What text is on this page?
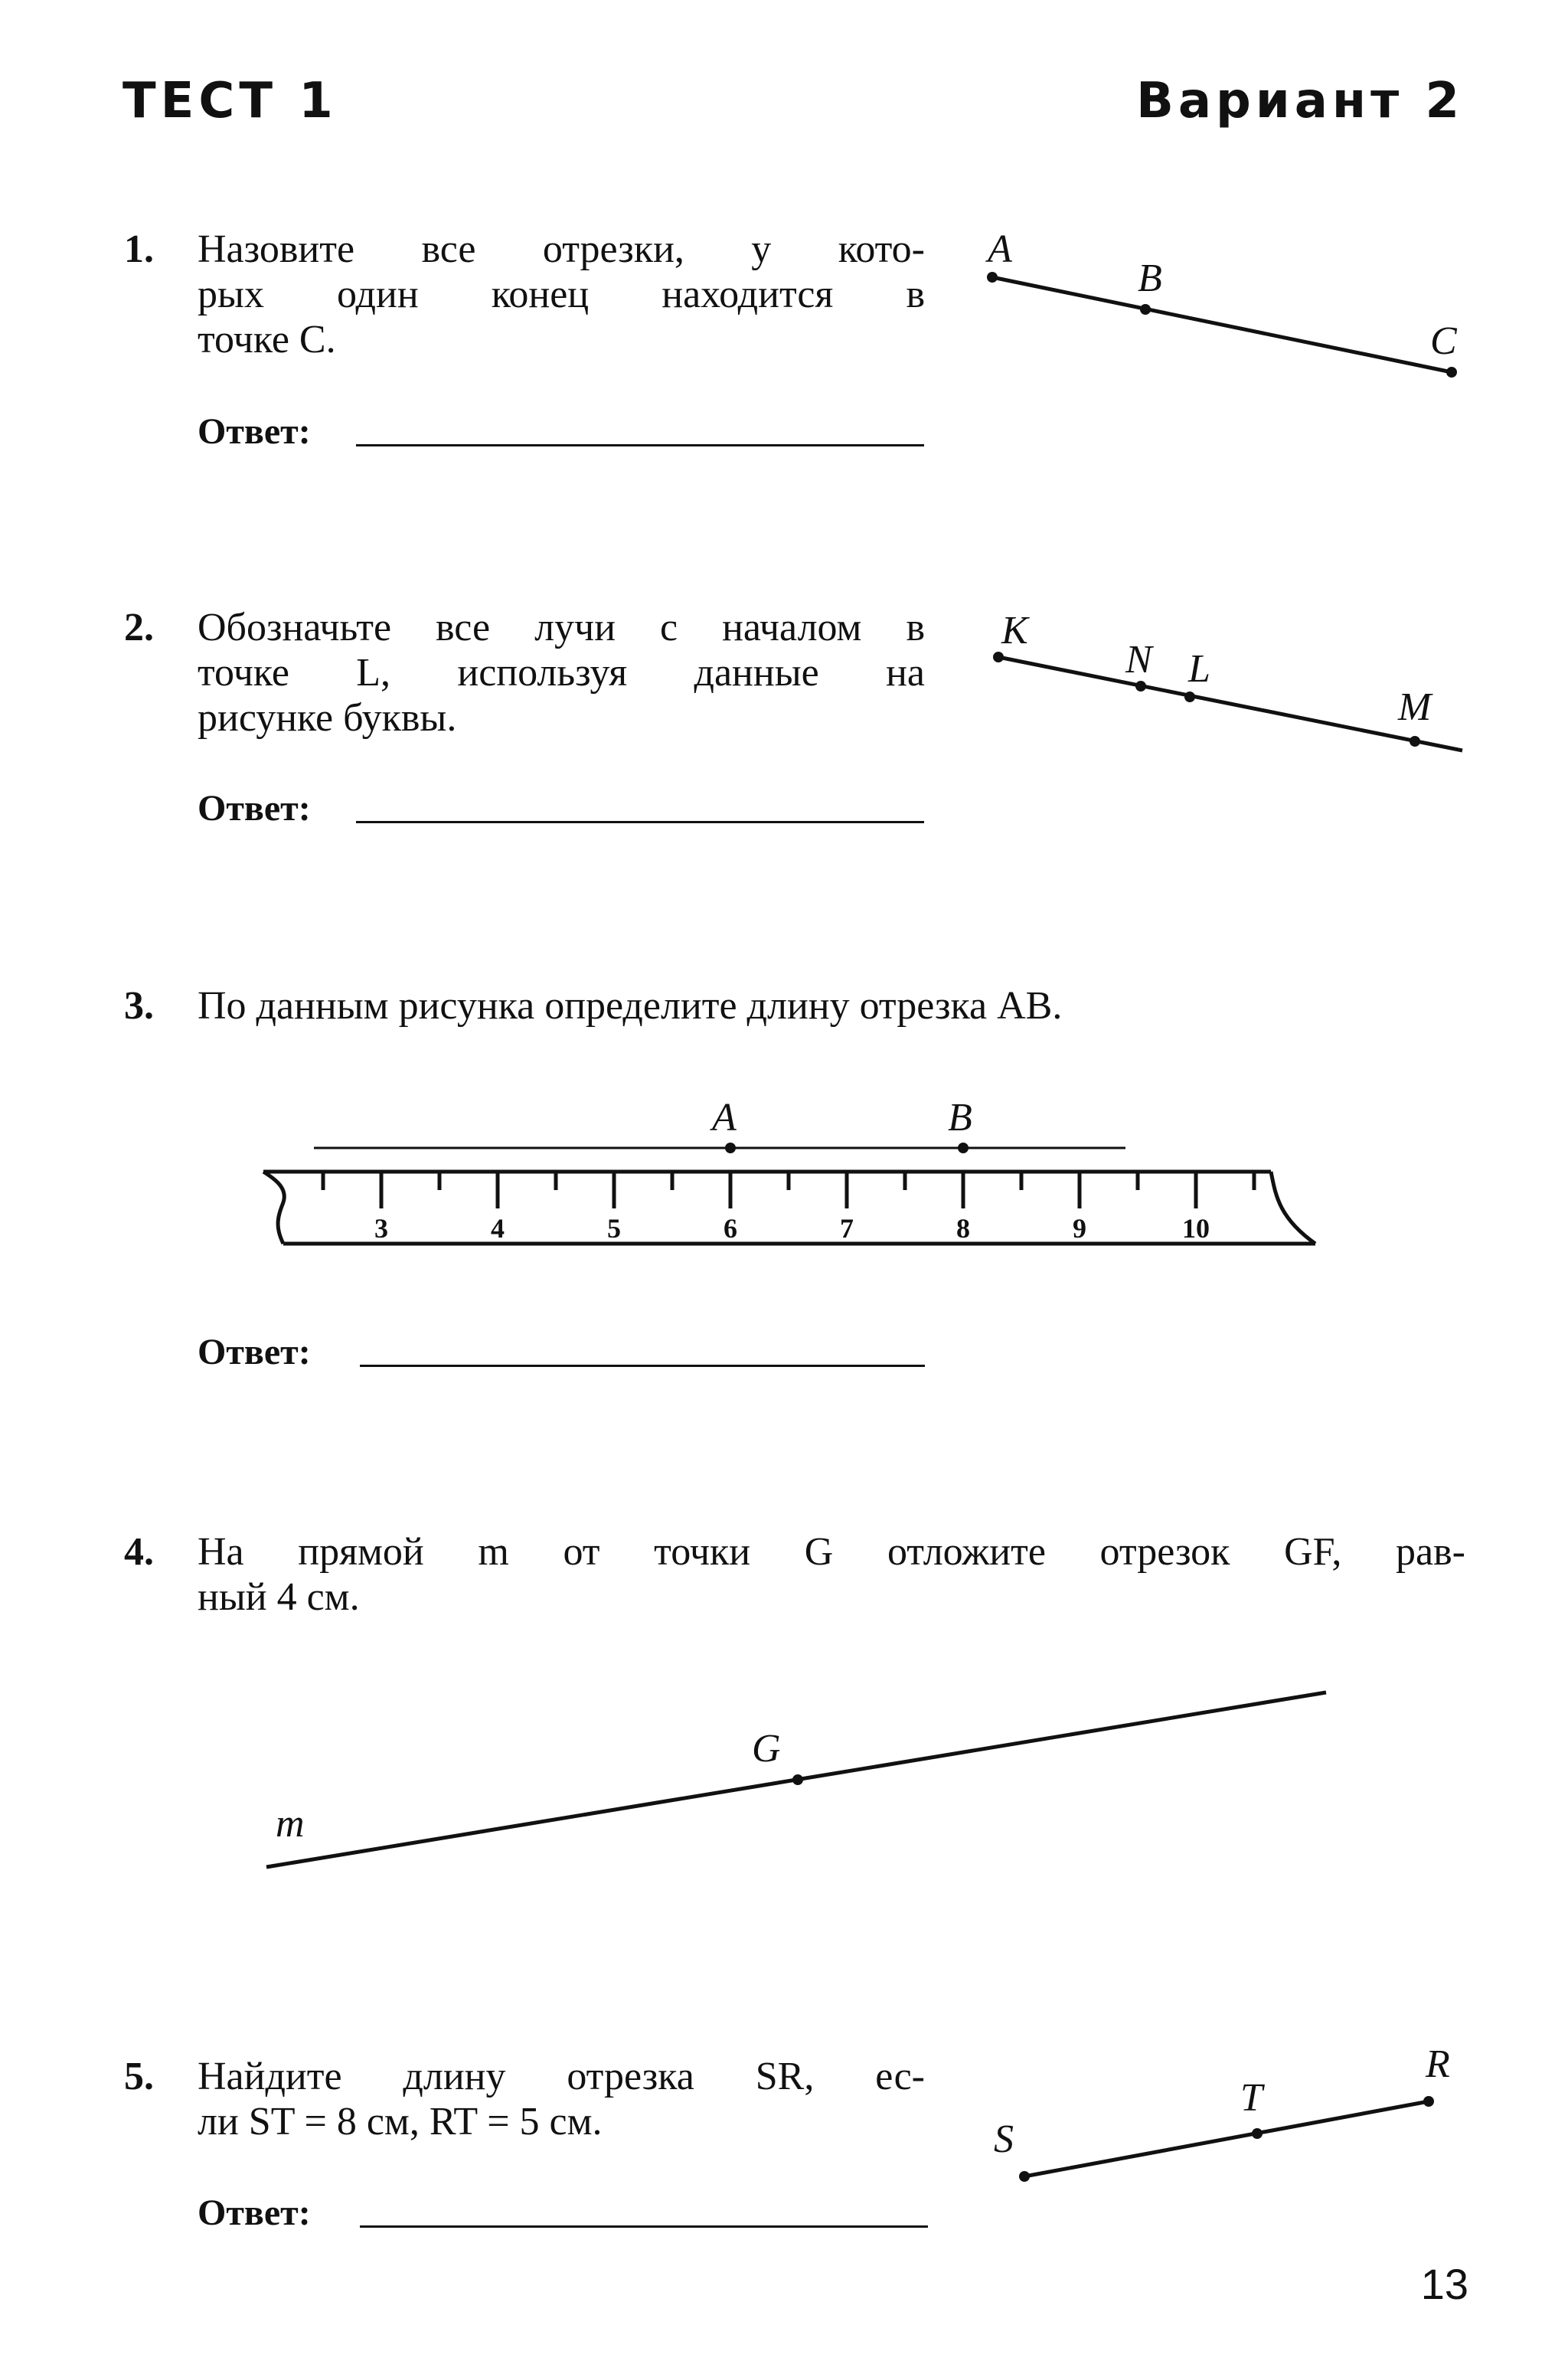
ТЕСТ 1	Вариант 2
1. Назовите все отрезки, у кото-
рых один конец находится в
точке C.
Ответ:
A
B
C
2. Обозначьте все лучи с началом в
точке L, используя данные на
рисунке буквы.
Ответ:
K
N L
M
3. По данным рисунка определите длину отрезка AB.
A	B
3	4	5	6	7	8	9	10
Ответ:
4. На прямой m от точки G отложите отрезок GF, рав-
ный 4 см.
G
m
5. Найдите длину отрезка SR, ес-
ли ST = 8 см, RT = 5 см.
Ответ:
S
T
R
13
